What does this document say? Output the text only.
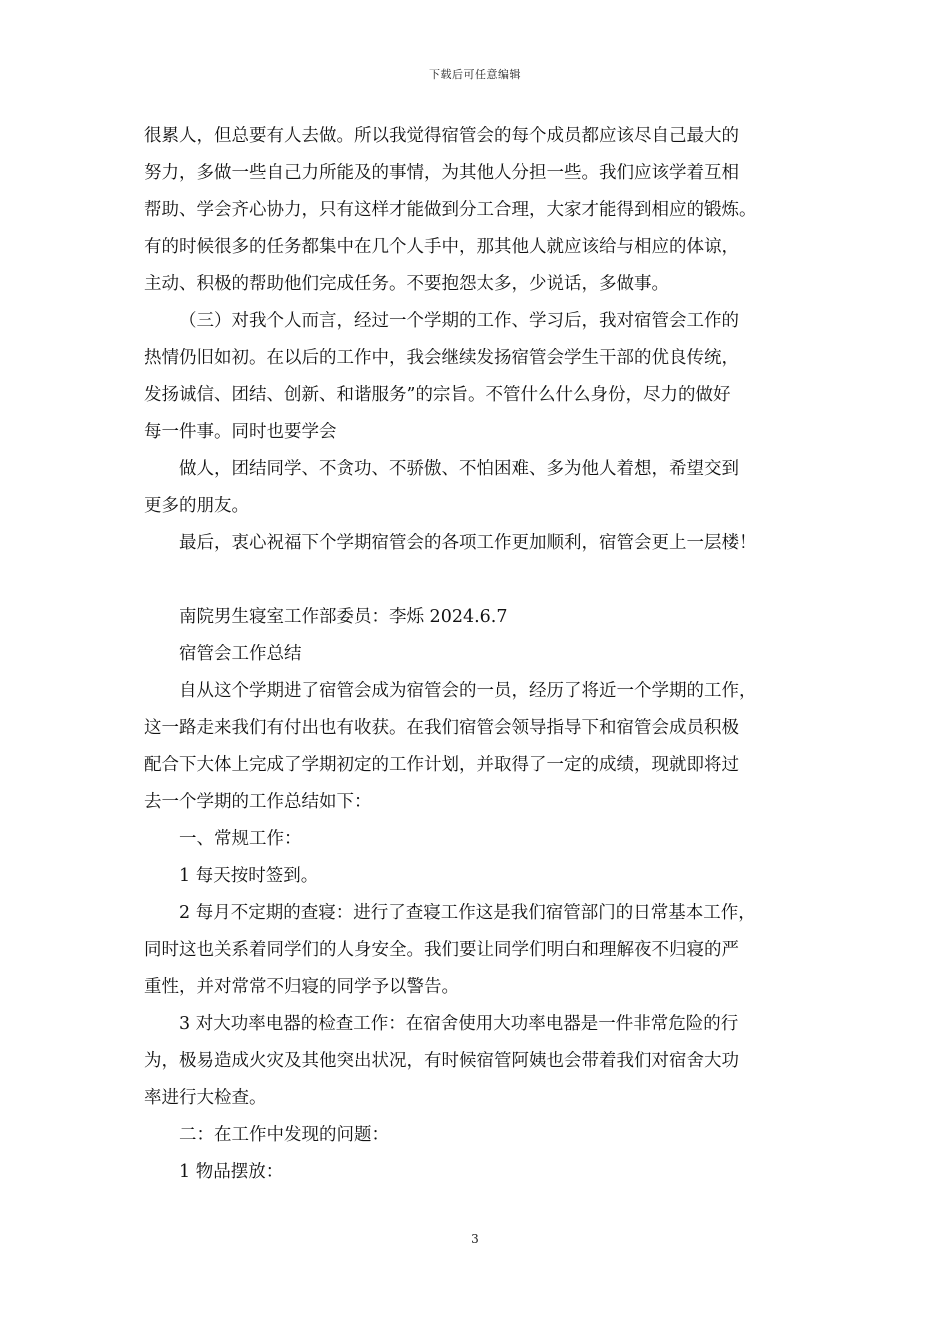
下载后可任意编辑
很累人，但总要有人去做。所以我觉得宿管会的每个成员都应该尽自己最大的
努力，多做一些自己力所能及的事情，为其他人分担一些。我们应该学着互相
帮助、学会齐心协力，只有这样才能做到分工合理，大家才能得到相应的锻炼。
有的时候很多的任务都集中在几个人手中，那其他人就应该给与相应的体谅，
主动、积极的帮助他们完成任务。不要抱怨太多，少说话，多做事。
（三）对我个人而言，经过一个学期的工作、学习后，我对宿管会工作的
热情仍旧如初。在以后的工作中，我会继续发扬宿管会学生干部的优良传统，
发扬诚信、团结、创新、和谐服务”的宗旨。不管什么什么身份，尽力的做好
每一件事。同时也要学会
做人，团结同学、不贪功、不骄傲、不怕困难、多为他人着想，希望交到
更多的朋友。
最后，衷心祝福下个学期宿管会的各项工作更加顺利，宿管会更上一层楼！
南院男生寝室工作部委员：李烁 2024.6.7
宿管会工作总结
自从这个学期进了宿管会成为宿管会的一员，经历了将近一个学期的工作，
这一路走来我们有付出也有收获。在我们宿管会领导指导下和宿管会成员积极
配合下大体上完成了学期初定的工作计划，并取得了一定的成绩，现就即将过
去一个学期的工作总结如下：
一、常规工作：
1 每天按时签到。
2 每月不定期的查寝：进行了查寝工作这是我们宿管部门的日常基本工作，
同时这也关系着同学们的人身安全。我们要让同学们明白和理解夜不归寝的严
重性，并对常常不归寝的同学予以警告。
3 对大功率电器的检查工作：在宿舍使用大功率电器是一件非常危险的行
为，极易造成火灾及其他突出状况，有时候宿管阿姨也会带着我们对宿舍大功
率进行大检查。
二：在工作中发现的问题：
1 物品摆放：
3
